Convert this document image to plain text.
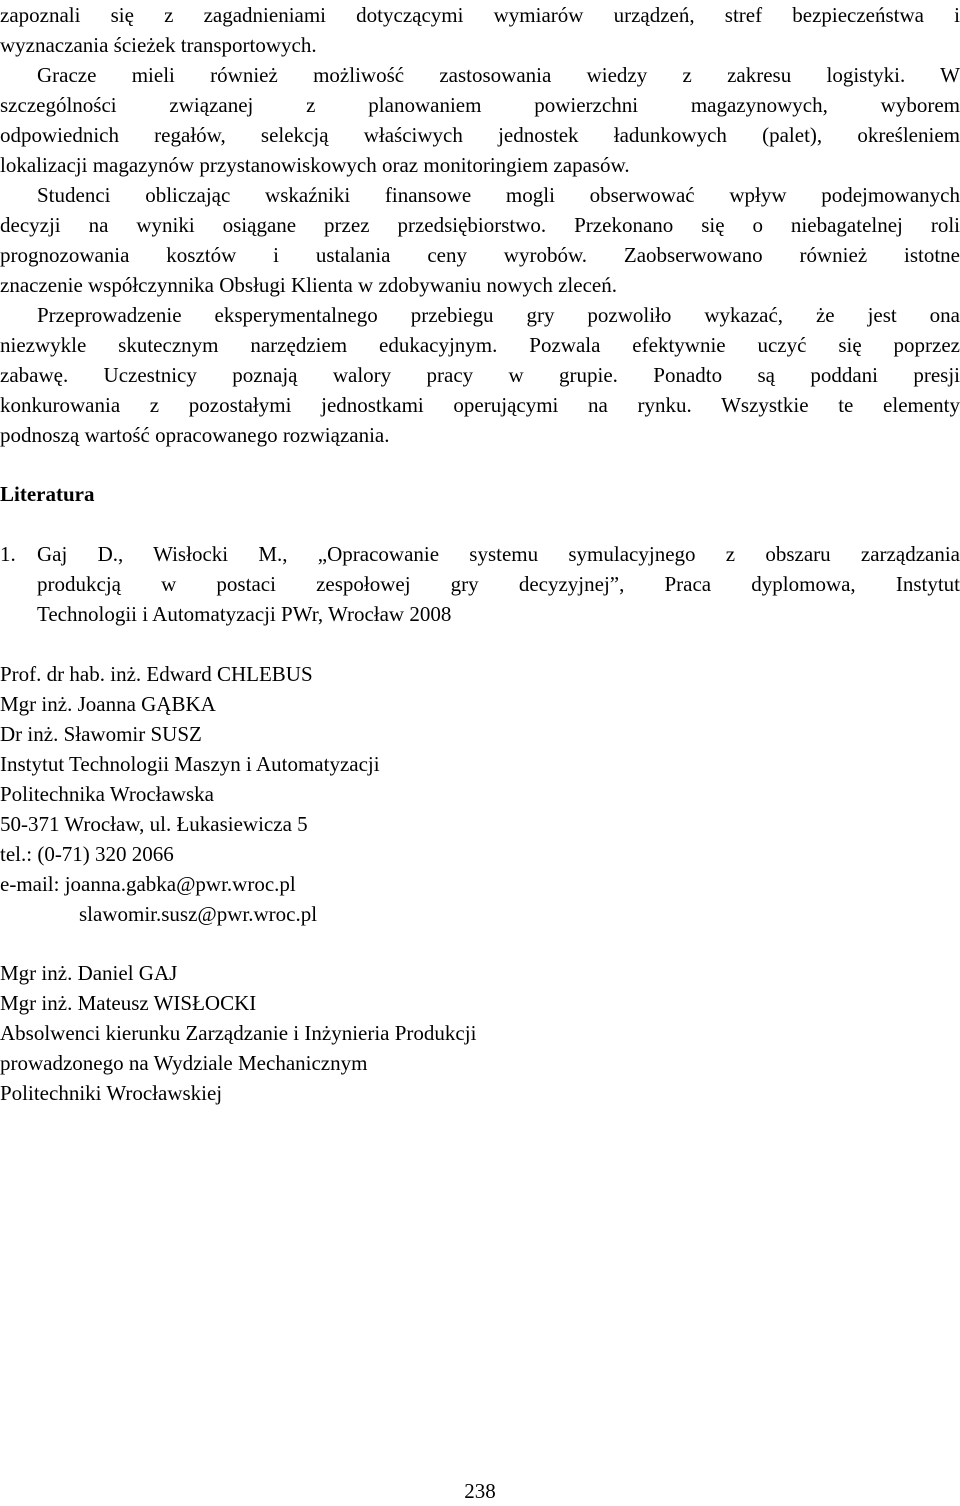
zapoznali się z zagadnieniami dotyczącymi wymiarów urządzeń, stref bezpieczeństwa i
wyznaczania ścieżek transportowych.
Gracze mieli również możliwość zastosowania wiedzy z zakresu logistyki. W
szczególności związanej z planowaniem powierzchni magazynowych, wyborem
odpowiednich regałów, selekcją właściwych jednostek ładunkowych (palet), określeniem
lokalizacji magazynów przystanowiskowych oraz monitoringiem zapasów.
Studenci obliczając wskaźniki finansowe mogli obserwować wpływ podejmowanych
decyzji na wyniki osiągane przez przedsiębiorstwo. Przekonano się o niebagatelnej roli
prognozowania kosztów i ustalania ceny wyrobów. Zaobserwowano również istotne
znaczenie współczynnika Obsługi Klienta w zdobywaniu nowych zleceń.
Przeprowadzenie eksperymentalnego przebiegu gry pozwoliło wykazać, że jest ona
niezwykle skutecznym narzędziem edukacyjnym. Pozwala efektywnie uczyć się poprzez
zabawę. Uczestnicy poznają walory pracy w grupie. Ponadto są poddani presji
konkurowania z pozostałymi jednostkami operującymi na rynku. Wszystkie te elementy
podnoszą wartość opracowanego rozwiązania.
Literatura
1. Gaj D., Wisłocki M., „Opracowanie systemu symulacyjnego z obszaru zarządzania
produkcją w postaci zespołowej gry decyzyjnej”, Praca dyplomowa, Instytut
Technologii i Automatyzacji PWr, Wrocław 2008
Prof. dr hab. inż. Edward CHLEBUS
Mgr inż. Joanna GĄBKA
Dr inż. Sławomir SUSZ
Instytut Technologii Maszyn i Automatyzacji
Politechnika Wrocławska
50-371 Wrocław, ul. Łukasiewicza 5
tel.: (0-71) 320 2066
e-mail: joanna.gabka@pwr.wroc.pl
slawomir.susz@pwr.wroc.pl
Mgr inż. Daniel GAJ
Mgr inż. Mateusz WISŁOCKI
Absolwenci kierunku Zarządzanie i Inżynieria Produkcji
prowadzonego na Wydziale Mechanicznym
Politechniki Wrocławskiej
238
